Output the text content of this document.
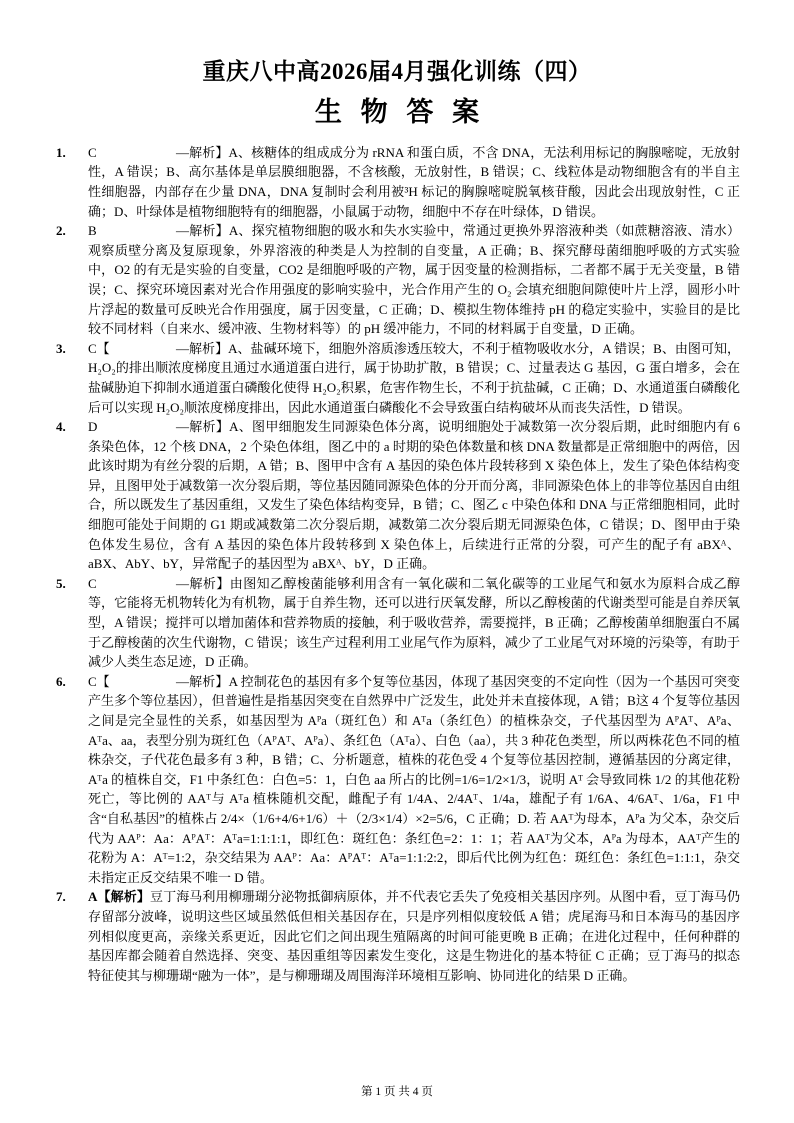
重庆八中高2026届4月强化训练（四）
生 物 答 案
1. C	—解析】A、核糖体的组成成分为 rRNA 和蛋白质，不含 DNA，无法利用标记的胸腺嘧啶，无放射性，A 错误；B、高尔基体是单层膜细胞器，不含核酸，无放射性，B 错误；C、线粒体是动物细胞含有的半自主性细胞器，内部存在少量 DNA，DNA 复制时会利用被³H 标记的胸腺嘧啶脱氧核苷酸，因此会出现放射性，C 正确；D、叶绿体是植物细胞特有的细胞器，小鼠属于动物，细胞中不存在叶绿体，D 错误。
2. B	—解析】A、探究植物细胞的吸水和失水实验中，常通过更换外界溶液种类（如蔗糖溶液、清水）观察质壁分离及复原现象，外界溶液的种类是人为控制的自变量，A 正确；B、探究酵母菌细胞呼吸的方式实验中，O2 的有无是实验的自变量，CO2 是细胞呼吸的产物，属于因变量的检测指标，二者都不属于无关变量，B 错误；C、探究环境因素对光合作用强度的影响实验中，光合作用产生的 O₂ 会填充细胞间隙使叶片上浮，圆形小叶片浮起的数量可反映光合作用强度，属于因变量，C 正确；D、模拟生物体维持 pH 的稳定实验中，实验目的是比较不同材料（自来水、缓冲液、生物材料等）的 pH 缓冲能力，不同的材料属于自变量，D 正确。
3. C【	—解析】A、盐碱环境下，细胞外溶质渗透压较大，不利于植物吸收水分，A 错误；B、由图可知，H₂O₂的排出顺浓度梯度且通过水通道蛋白进行，属于协助扩散，B 错误；C、过量表达 G 基因，G 蛋白增多，会在盐碱胁迫下抑制水通道蛋白磷酸化使得 H₂O₂积累，危害作物生长，不利于抗盐碱，C 正确；D、水通道蛋白磷酸化后可以实现 H₂O₂顺浓度梯度排出，因此水通道蛋白磷酸化不会导致蛋白结构破坏从而丧失活性，D 错误。
4. D	—解析】A、图甲细胞发生同源染色体分离，说明细胞处于减数第一次分裂后期，此时细胞内有 6 条染色体，12 个核 DNA，2 个染色体组，图乙中的 a 时期的染色体数量和核 DNA 数量都是正常细胞中的两倍，因此该时期为有丝分裂的后期，A 错；B、图甲中含有 A 基因的染色体片段转移到 X 染色体上，发生了染色体结构变异，且图甲处于减数第一次分裂后期，等位基因随同源染色体的分开而分离，非同源染色体上的非等位基因自由组合，所以既发生了基因重组，又发生了染色体结构变异，B 错；C、图乙 c 中染色体和 DNA 与正常细胞相同，此时细胞可能处于间期的 G1 期或减数第二次分裂后期，减数第二次分裂后期无同源染色体，C 错误；D、图甲由于染色体发生易位，含有 A 基因的染色体片段转移到 X 染色体上，后续进行正常的分裂，可产生的配子有 aBXᴬ、aBX、AbY、bY，异常配子的基因型为 aBXᴬ、bY，D 正确。
5. C	—解析】由图知乙醇梭菌能够利用含有一氧化碳和二氧化碳等的工业尾气和氨水为原料合成乙醇等，它能将无机物转化为有机物，属于自养生物，还可以进行厌氧发酵，所以乙醇梭菌的代谢类型可能是自养厌氧型，A 错误；搅拌可以增加菌体和营养物质的接触，利于吸收营养，需要搅拌，B 正确；乙醇梭菌单细胞蛋白不属于乙醇梭菌的次生代谢物，C 错误；该生产过程利用工业尾气作为原料，减少了工业尾气对环境的污染等，有助于减少人类生态足迹，D 正确。
6. C【	—解析】A 控制花色的基因有多个复等位基因，体现了基因突变的不定向性（因为一个基因可突变产生多个等位基因），但普遍性是指基因突变在自然界中广泛发生，此处并未直接体现，A 错；B这 4 个复等位基因之间是完全显性的关系，如基因型为 Aᴾa（斑红色）和 Aᵀa（条红色）的植株杂交，子代基因型为 AᴾAᵀ、Aᴾa、Aᵀa、aa，表型分别为斑红色（AᴾAᵀ、Aᴾa）、条红色（Aᵀa）、白色（aa），共 3 种花色类型，所以两株花色不同的植株杂交，子代花色最多有 3 种，B 错；C、分析题意，植株的花色受 4 个复等位基因控制，遵循基因的分离定律，Aᵀa 的植株自交，F1 中条红色：白色=5：1，白色 aa 所占的比例=1/6=1/2×1/3，说明 Aᵀ 会导致同株 1/2 的其他花粉死亡，等比例的 AAᵀ与 Aᵀa 植株随机交配，雌配子有 1/4A、2/4Aᵀ、1/4a，雄配子有 1/6A、4/6Aᵀ、1/6a，F1 中含“自私基因”的植株占 2/4×（1/6+4/6+1/6）＋（2/3×1/4）×2=5/6，C 正确；D. 若 AAᵀ为母本，Aᴾa 为父本，杂交后代为 AAᴾ：Aa：AᴾAᵀ：Aᵀa=1:1:1:1，即红色：斑红色：条红色=2：1：1；若 AAᵀ为父本，Aᴾa 为母本，AAᵀ产生的花粉为 A：Aᵀ=1:2，杂交结果为 AAᴾ：Aa：AᴾAᵀ：Aᵀa=1:1:2:2，即后代比例为红色：斑红色：条红色=1:1:1，杂交未指定正反交结果不唯一 D 错。
7. A【解析】豆丁海马利用柳珊瑚分泌物抵御病原体，并不代表它丢失了免疫相关基因序列。从图中看，豆丁海马仍存留部分波峰，说明这些区域虽然低但相关基因存在，只是序列相似度较低 A 错；虎尾海马和日本海马的基因序列相似度更高，亲缘关系更近，因此它们之间出现生殖隔离的时间可能更晚 B 正确；在进化过程中，任何种群的基因库都会随着自然选择、突变、基因重组等因素发生变化，这是生物进化的基本特征 C 正确；豆丁海马的拟态特征使其与柳珊瑚“融为一体”，是与柳珊瑚及周围海洋环境相互影响、协同进化的结果 D 正确。
第 1 页 共 4 页
